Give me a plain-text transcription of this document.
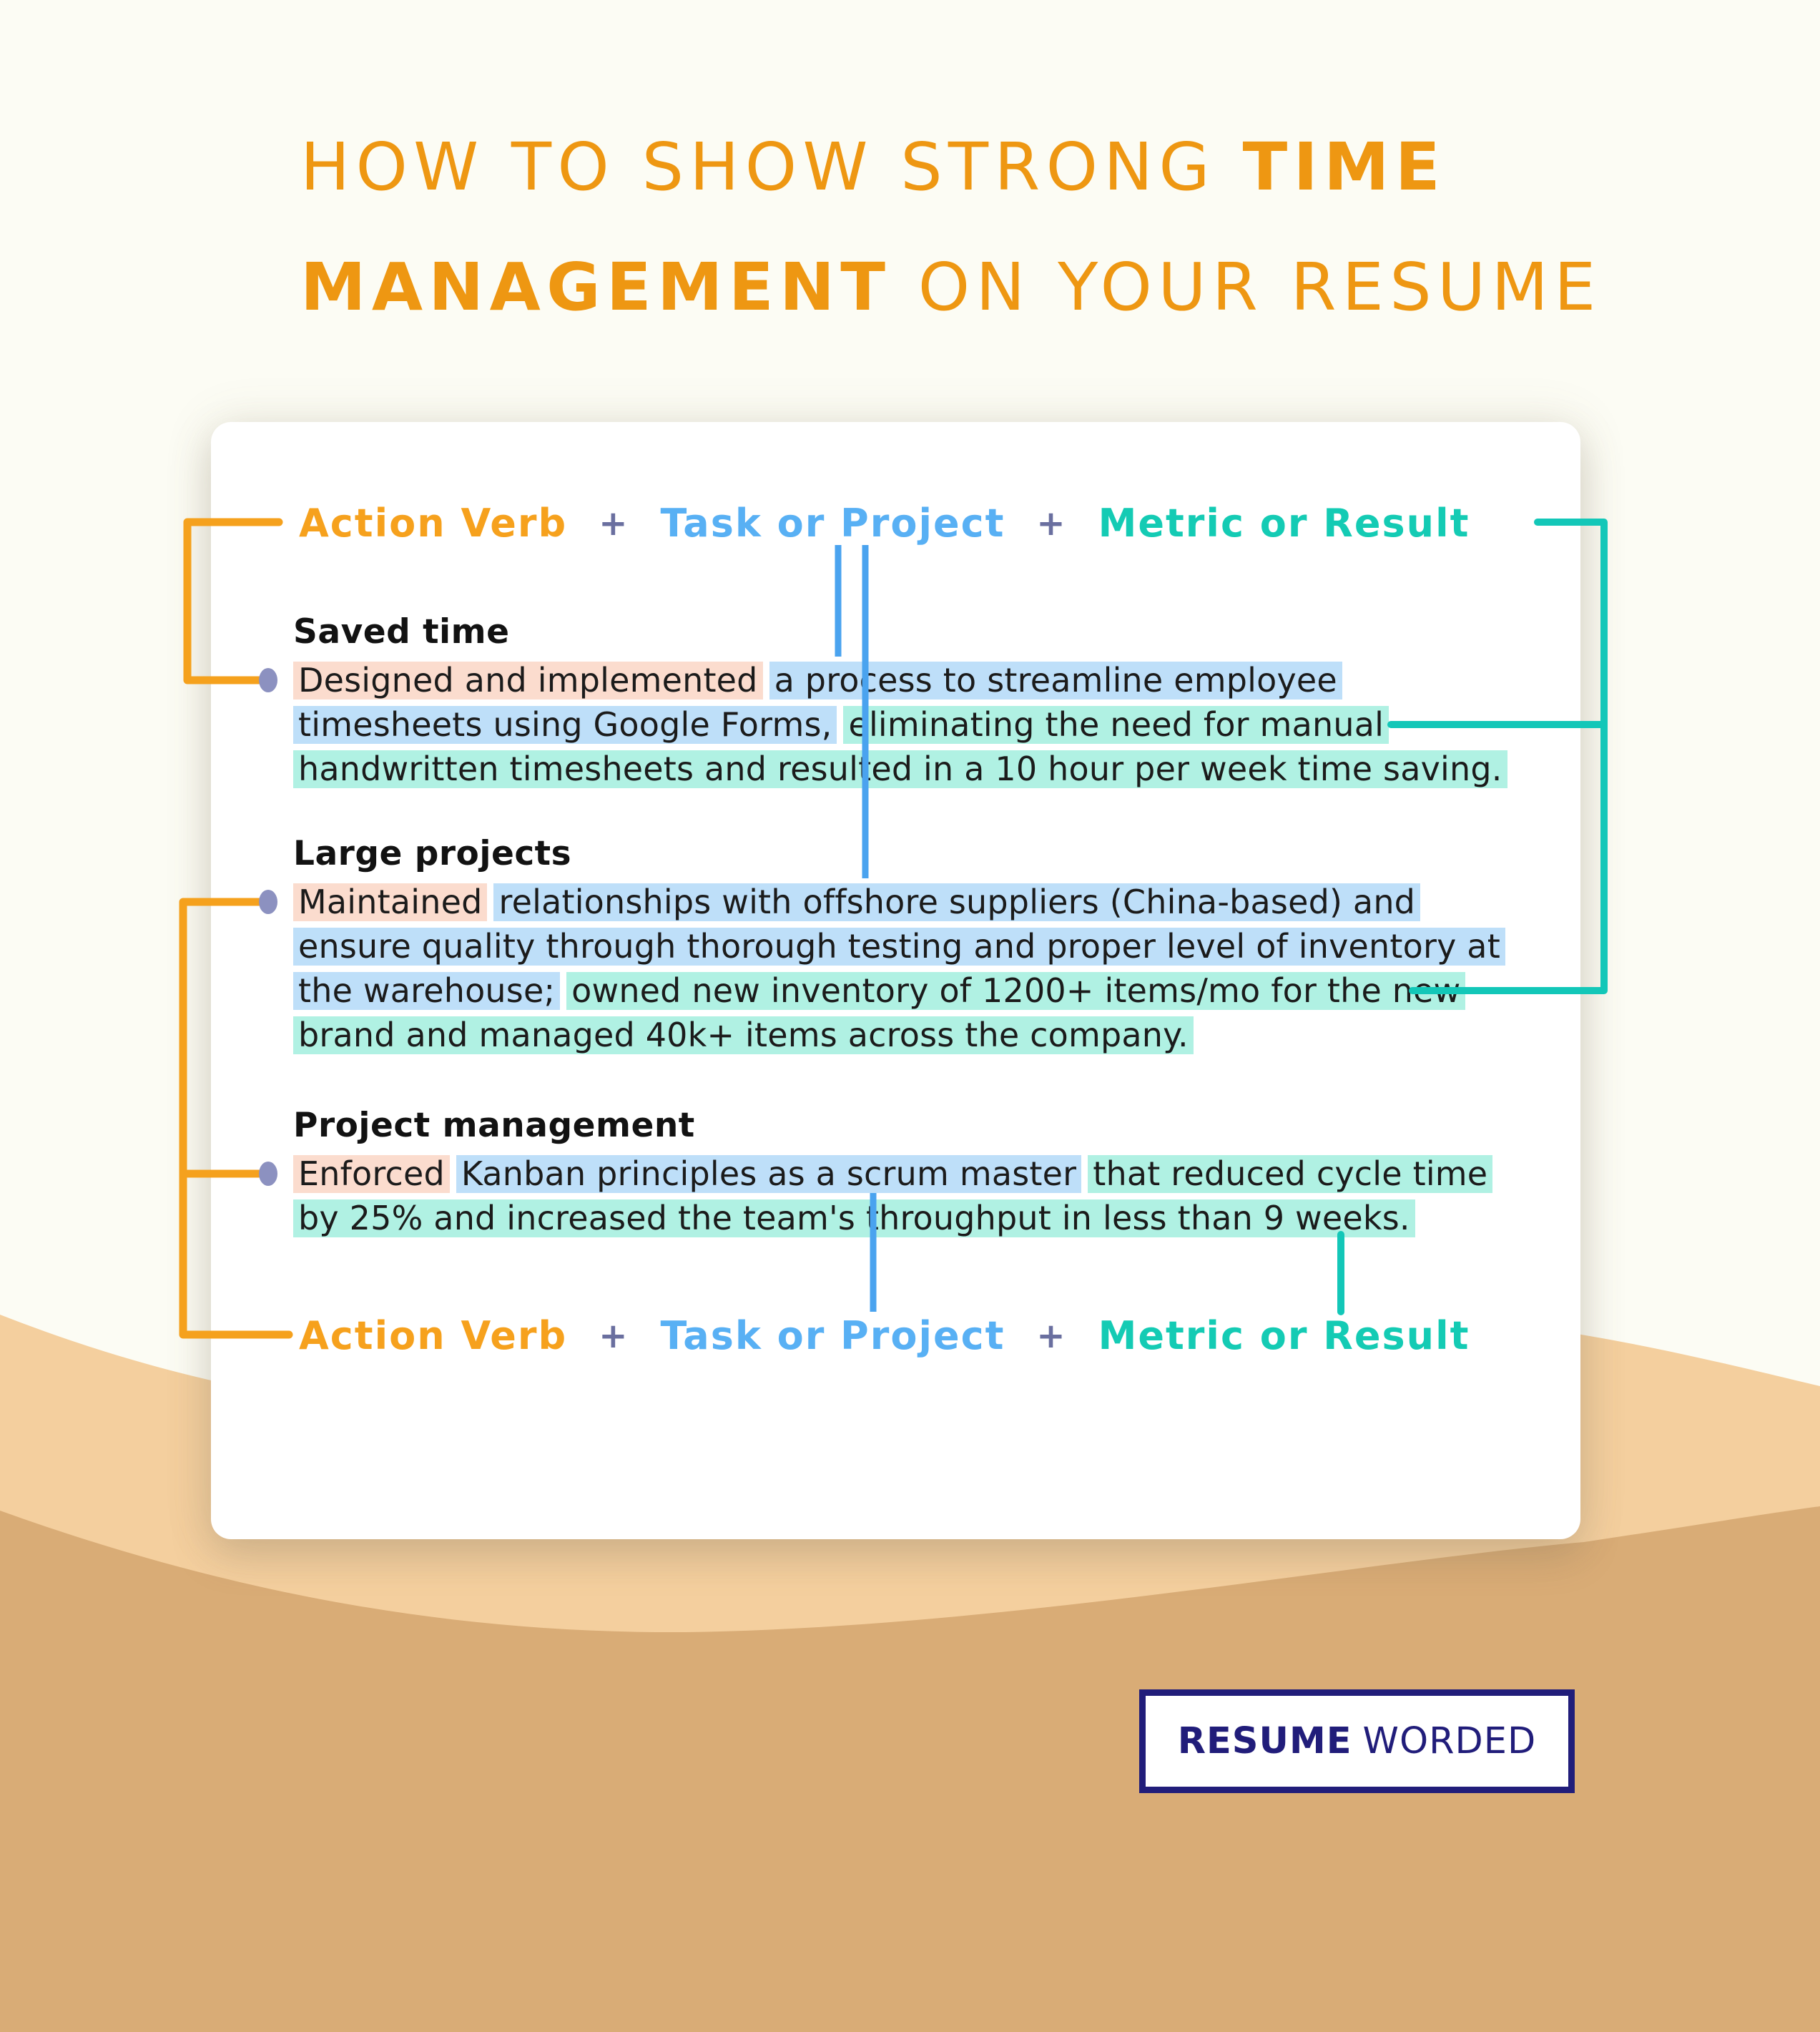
HOW TO SHOW STRONG TIME
MANAGEMENT ON YOUR RESUME
Action Verb + Task or Project + Metric or Result
Action Verb + Task or Project + Metric or Result
Saved time
Designed and implemented a process to streamline employee
timesheets using Google Forms, eliminating the need for manual
handwritten timesheets and resulted in a 10 hour per week time saving.
Large projects
Maintained relationships with offshore suppliers (China-based) and
ensure quality through thorough testing and proper level of inventory at
the warehouse; owned new inventory of 1200+ items/mo for the new
brand and managed 40k+ items across the company.
Project management
Enforced Kanban principles as a scrum master that reduced cycle time
by 25% and increased the team's throughput in less than 9 weeks.
RESUME WORDED
